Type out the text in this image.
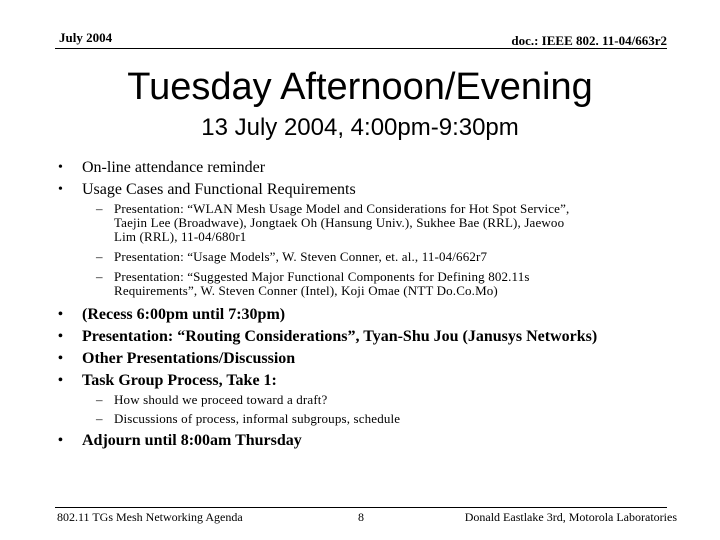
July 2004	doc.: IEEE 802. 11-04/663r2
Tuesday Afternoon/Evening
13 July 2004, 4:00pm-9:30pm
• On-line attendance reminder
• Usage Cases and Functional Requirements
– Presentation: “WLAN Mesh Usage Model and Considerations for Hot Spot Service”,
Taejin Lee (Broadwave), Jongtaek Oh (Hansung Univ.), Sukhee Bae (RRL), Jaewoo
Lim (RRL), 11-04/680r1
– Presentation: “Usage Models”, W. Steven Conner, et. al., 11-04/662r7
– Presentation: “Suggested Major Functional Components for Defining 802.11s
Requirements”, W. Steven Conner (Intel), Koji Omae (NTT Do.Co.Mo)
• (Recess 6:00pm until 7:30pm)
• Presentation: “Routing Considerations”, Tyan-Shu Jou (Janusys Networks)
• Other Presentations/Discussion
• Task Group Process, Take 1:
– How should we proceed toward a draft?
– Discussions of process, informal subgroups, schedule
• Adjourn until 8:00am Thursday
802.11 TGs Mesh Networking Agenda	8	Donald Eastlake 3rd, Motorola Laboratories
